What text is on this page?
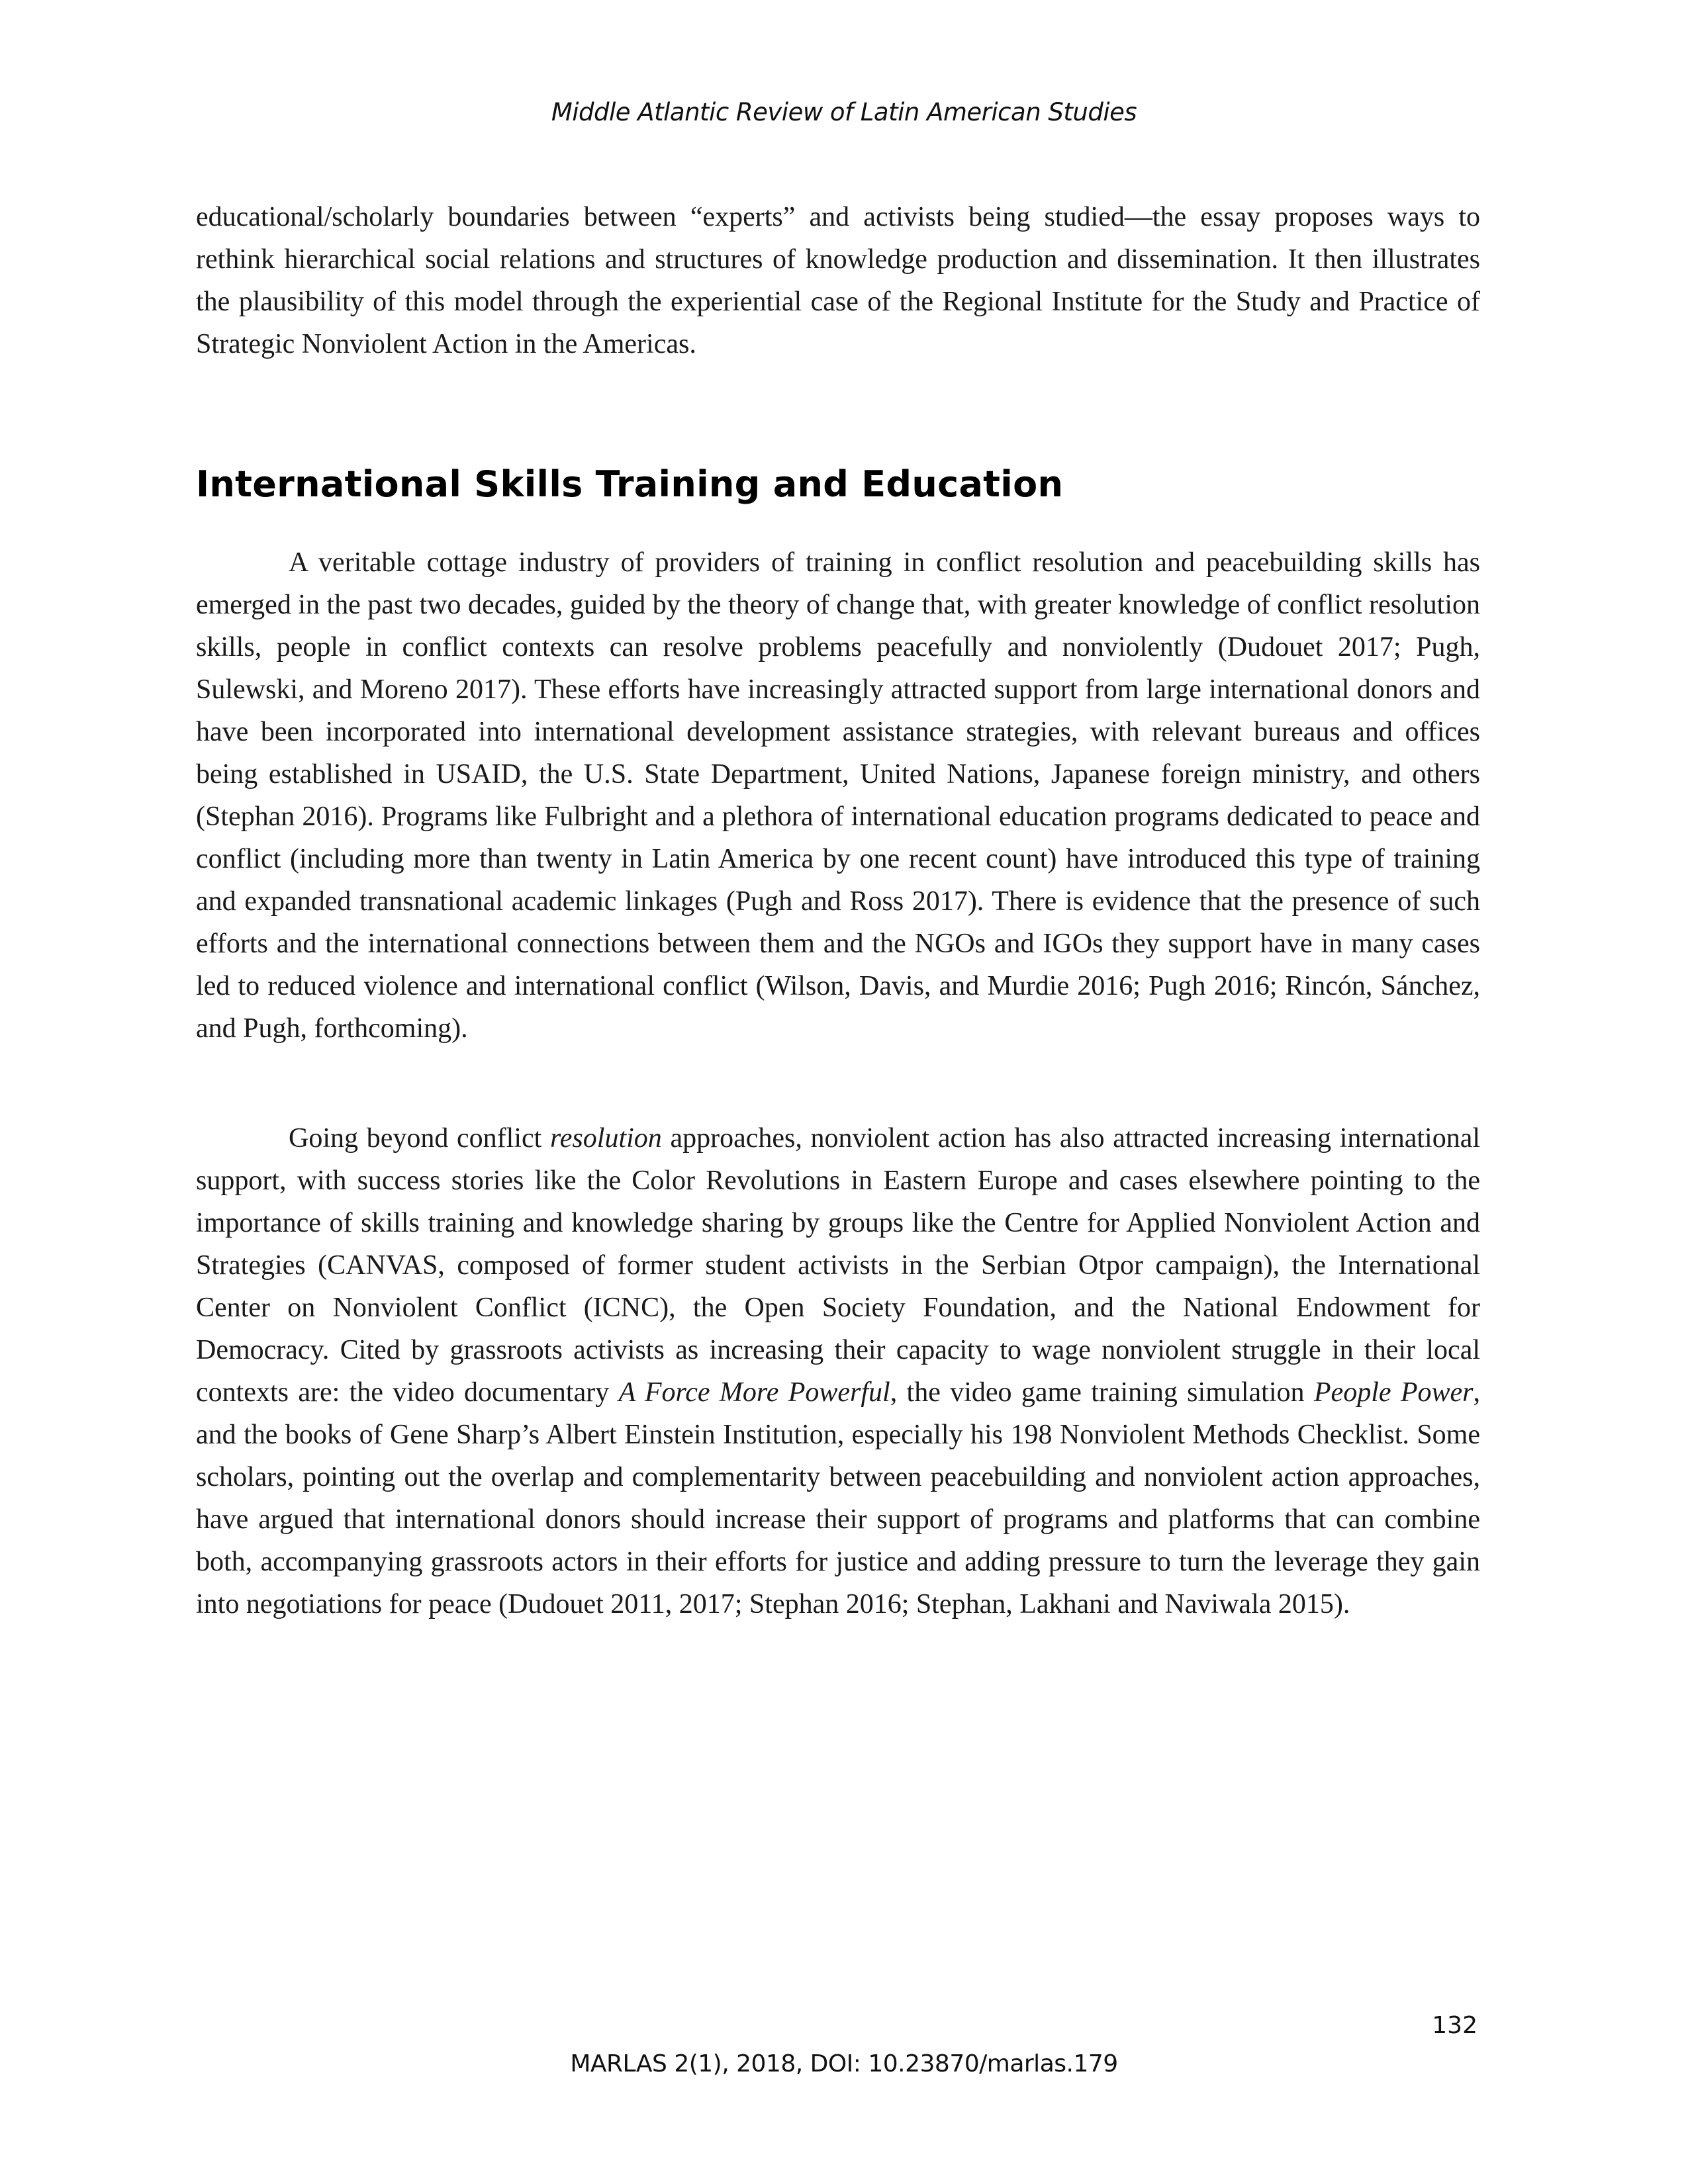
Middle Atlantic Review of Latin American Studies

educational/scholarly boundaries between “experts” and activists being studied—the essay proposes ways to rethink hierarchical social relations and structures of knowledge production and dissemination. It then illustrates the plausibility of this model through the experiential case of the Regional Institute for the Study and Practice of Strategic Nonviolent Action in the Americas.

International Skills Training and Education

A veritable cottage industry of providers of training in conflict resolution and peacebuilding skills has emerged in the past two decades, guided by the theory of change that, with greater knowledge of conflict resolution skills, people in conflict contexts can resolve problems peacefully and nonviolently (Dudouet 2017; Pugh, Sulewski, and Moreno 2017). These efforts have increasingly attracted support from large international donors and have been incorporated into international development assistance strategies, with relevant bureaus and offices being established in USAID, the U.S. State Department, United Nations, Japanese foreign ministry, and others (Stephan 2016). Programs like Fulbright and a plethora of international education programs dedicated to peace and conflict (including more than twenty in Latin America by one recent count) have introduced this type of training and expanded transnational academic linkages (Pugh and Ross 2017). There is evidence that the presence of such efforts and the international connections between them and the NGOs and IGOs they support have in many cases led to reduced violence and international conflict (Wilson, Davis, and Murdie 2016; Pugh 2016; Rincón, Sánchez, and Pugh, forthcoming).

Going beyond conflict resolution approaches, nonviolent action has also attracted increasing international support, with success stories like the Color Revolutions in Eastern Europe and cases elsewhere pointing to the importance of skills training and knowledge sharing by groups like the Centre for Applied Nonviolent Action and Strategies (CANVAS, composed of former student activists in the Serbian Otpor campaign), the International Center on Nonviolent Conflict (ICNC), the Open Society Foundation, and the National Endowment for Democracy. Cited by grassroots activists as increasing their capacity to wage nonviolent struggle in their local contexts are: the video documentary A Force More Powerful, the video game training simulation People Power, and the books of Gene Sharp’s Albert Einstein Institution, especially his 198 Nonviolent Methods Checklist. Some scholars, pointing out the overlap and complementarity between peacebuilding and nonviolent action approaches, have argued that international donors should increase their support of programs and platforms that can combine both, accompanying grassroots actors in their efforts for justice and adding pressure to turn the leverage they gain into negotiations for peace (Dudouet 2011, 2017; Stephan 2016; Stephan, Lakhani and Naviwala 2015).

132
MARLAS 2(1), 2018, DOI: 10.23870/marlas.179
